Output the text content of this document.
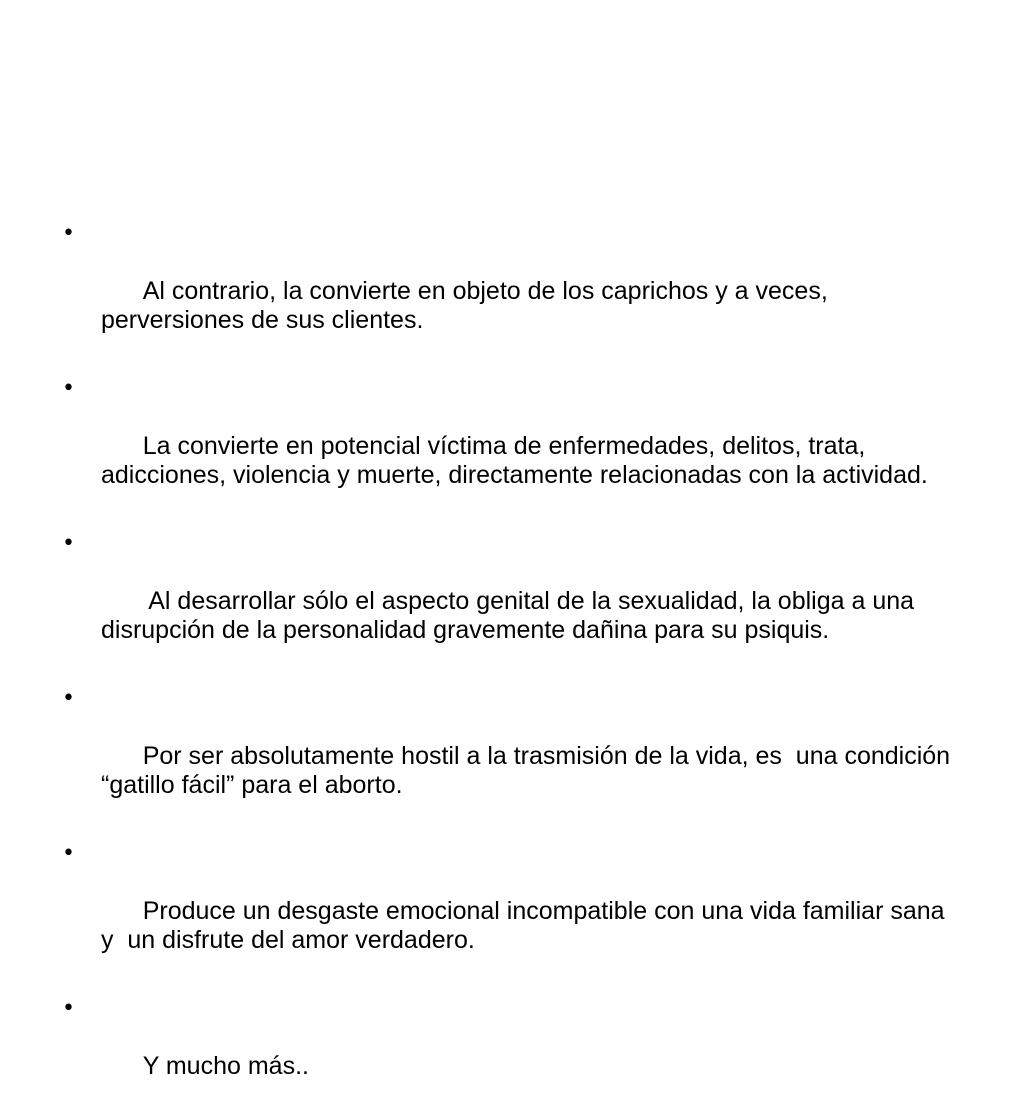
•

Al contrario, la convierte en objeto de los caprichos y a veces, perversiones de sus clientes.

•

La convierte en potencial víctima de enfermedades, delitos, trata, adicciones, violencia y muerte, directamente relacionadas con la actividad.

•

Al desarrollar sólo el aspecto genital de la sexualidad, la obliga a una disrupción de la personalidad gravemente dañina para su psiquis.

•

Por ser absolutamente hostil a la trasmisión de la vida, es  una condición “gatillo fácil” para el aborto.

•

Produce un desgaste emocional incompatible con una vida familiar sana y  un disfrute del amor verdadero.

•

Y mucho más..
